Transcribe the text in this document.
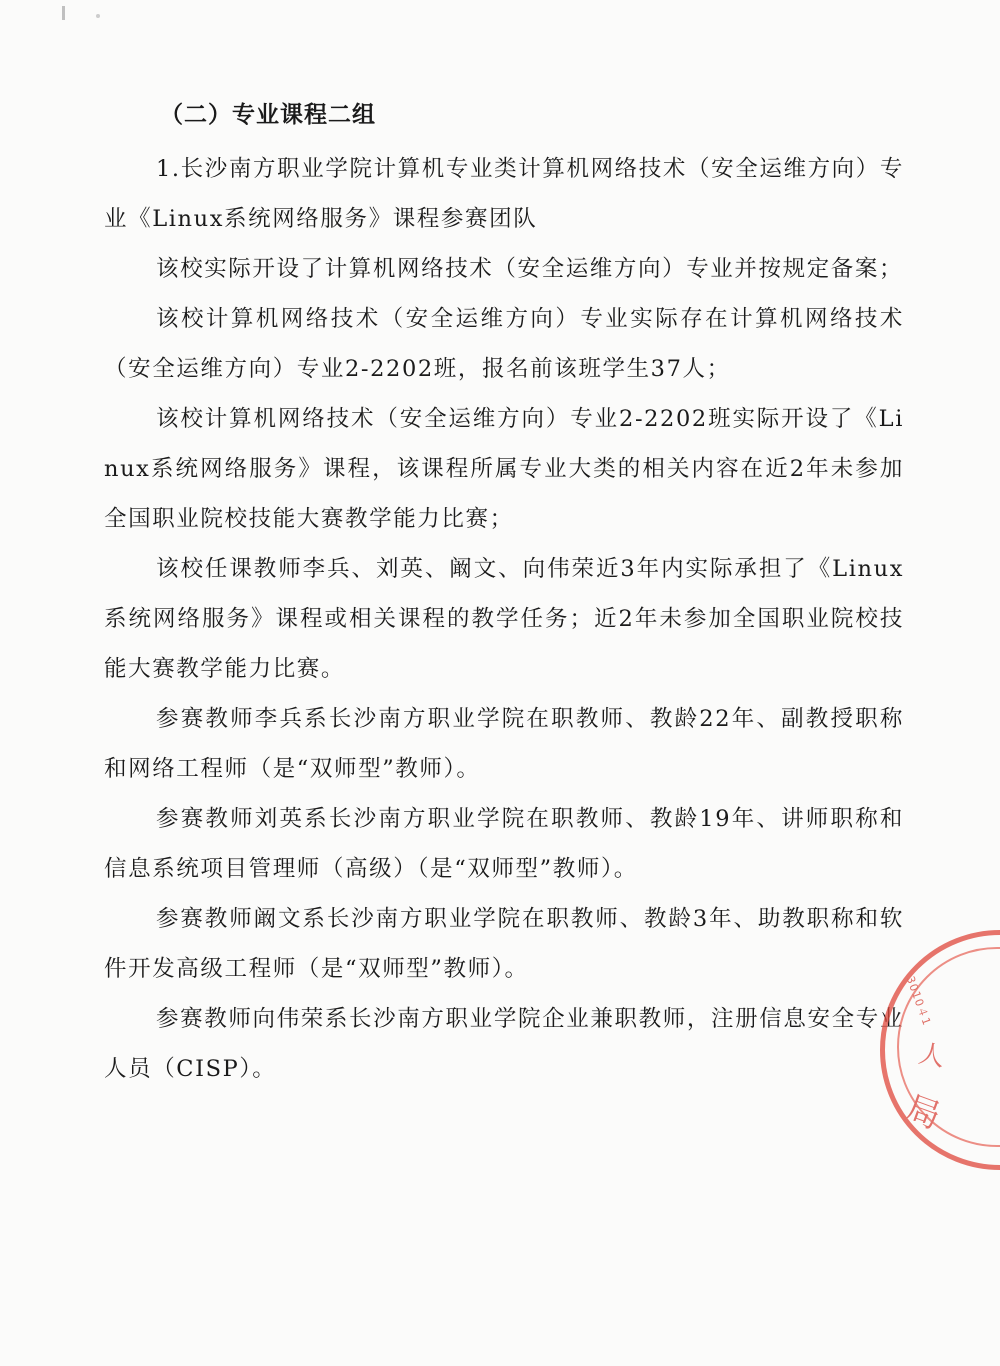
（二）专业课程二组

1.长沙南方职业学院计算机专业类计算机网络技术（安全运维方向）专业《Linux系统网络服务》课程参赛团队

该校实际开设了计算机网络技术（安全运维方向）专业并按规定备案；

该校计算机网络技术（安全运维方向）专业实际存在计算机网络技术（安全运维方向）专业2-2202班，报名前该班学生37人；

该校计算机网络技术（安全运维方向）专业2-2202班实际开设了《Linux系统网络服务》课程，该课程所属专业大类的相关内容在近2年未参加全国职业院校技能大赛教学能力比赛；

该校任课教师李兵、刘英、阚文、向伟荣近3年内实际承担了《Linux系统网络服务》课程或相关课程的教学任务；近2年未参加全国职业院校技能大赛教学能力比赛。

参赛教师李兵系长沙南方职业学院在职教师、教龄22年、副教授职称和网络工程师（是“双师型”教师）。

参赛教师刘英系长沙南方职业学院在职教师、教龄19年、讲师职称和信息系统项目管理师（高级）（是“双师型”教师）。

参赛教师阚文系长沙南方职业学院在职教师、教龄3年、助教职称和软件开发高级工程师（是“双师型”教师）。

参赛教师向伟荣系长沙南方职业学院企业兼职教师，注册信息安全专业人员（CISP）。

3010４1
局
人
